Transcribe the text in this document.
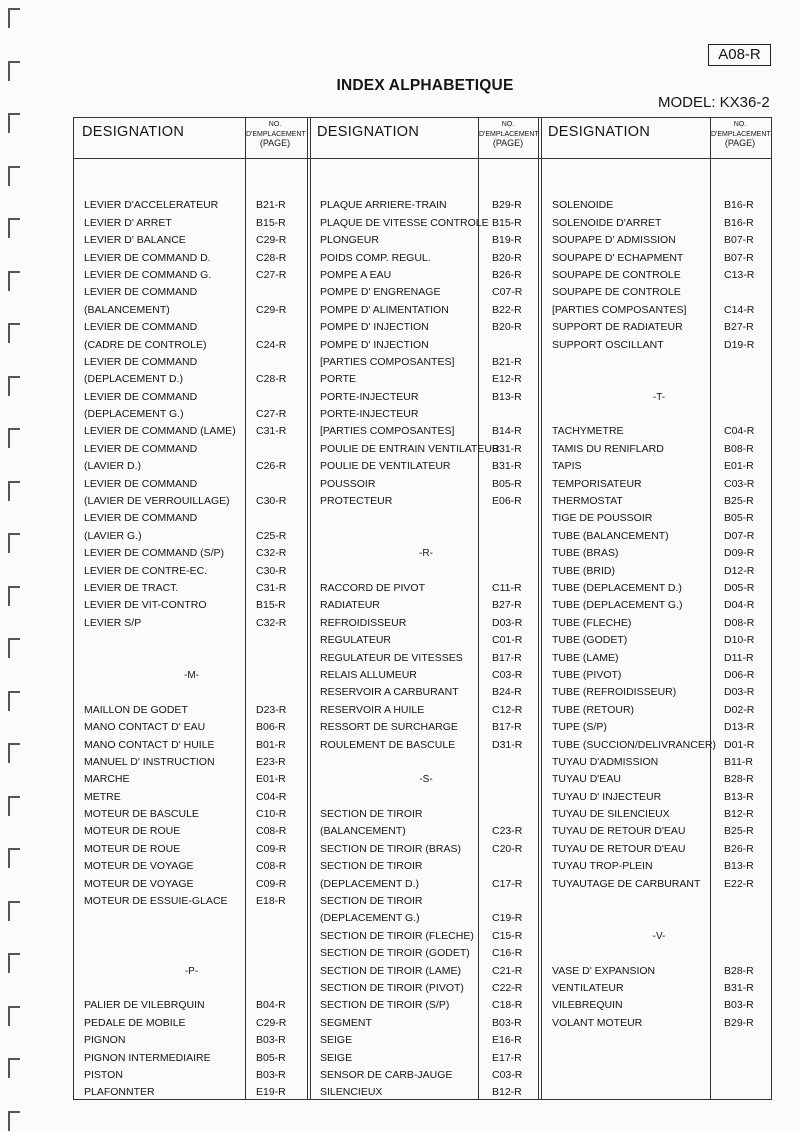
A08-R
INDEX ALPHABETIQUE
MODEL: KX36-2
DESIGNATION	NO.
D'EMPLACEMENT
(PAGE)
DESIGNATION	NO.
D'EMPLACEMENT
(PAGE)
DESIGNATION	NO.
D'EMPLACEMENT
(PAGE)
LEVIER D'ACCELERATEUR	B21-R
LEVIER D' ARRET	B15-R
LEVIER D' BALANCE	C29-R
LEVIER DE COMMAND D.	C28-R
LEVIER DE COMMAND G.	C27-R
LEVIER DE COMMAND
(BALANCEMENT)	C29-R
LEVIER DE COMMAND
(CADRE DE CONTROLE)	C24-R
LEVIER DE COMMAND
(DEPLACEMENT D.)	C28-R
LEVIER DE COMMAND
(DEPLACEMENT G.)	C27-R
LEVIER DE COMMAND (LAME) C31-R
LEVIER DE COMMAND
(LAVIER D.)	C26-R
LEVIER DE COMMAND
(LAVIER DE VERROUILLAGE)	C30-R
LEVIER DE COMMAND
(LAVIER G.)	C25-R
LEVIER DE COMMAND (S/P)	C32-R
LEVIER DE CONTRE-EC.	C30-R
LEVIER DE TRACT.	C31-R
LEVIER DE VIT-CONTRO	B15-R
LEVIER S/P	C32-R
-M-
MAILLON DE GODET	D23-R
MANO CONTACT D' EAU	B06-R
MANO CONTACT D' HUILE	B01-R
MANUEL D' INSTRUCTION	E23-R
MARCHE	E01-R
METRE	C04-R
MOTEUR DE BASCULE	C10-R
MOTEUR DE ROUE	C08-R
MOTEUR DE ROUE	C09-R
MOTEUR DE VOYAGE	C08-R
MOTEUR DE VOYAGE	C09-R
MOTEUR DE ESSUIE-GLACE	E18-R
-P-
PALIER DE VILEBRQUIN	B04-R
PEDALE DE MOBILE	C29-R
PIGNON	B03-R
PIGNON INTERMEDIAIRE	B05-R
PISTON	B03-R
PLAFONNTER	E19-R
PLAQUE ARRIERE-TRAIN	B29-R
PLAQUE DE VITESSE CONTROLE B15-R
PLONGEUR	B19-R
POIDS COMP. REGUL.	B20-R
POMPE A EAU	B26-R
POMPE D' ENGRENAGE	C07-R
POMPE D' ALIMENTATION	B22-R
POMPE D' INJECTION	B20-R
POMPE D' INJECTION
[PARTIES COMPOSANTES]	B21-R
PORTE	E12-R
PORTE-INJECTEUR	B13-R
PORTE-INJECTEUR
[PARTIES COMPOSANTES]	B14-R
POULIE DE ENTRAIN VENTILATEUR
B31-R
POULIE DE VENTILATEUR	B31-R
POUSSOIR	B05-R
PROTECTEUR	E06-R
-R-
RACCORD DE PIVOT	C11-R
RADIATEUR	B27-R
REFROIDISSEUR	D03-R
REGULATEUR	C01-R
REGULATEUR DE VITESSES	B17-R
RELAIS ALLUMEUR	C03-R
RESERVOIR A CARBURANT	B24-R
RESERVOIR A HUILE	C12-R
RESSORT DE SURCHARGE	B17-R
ROULEMENT DE BASCULE	D31-R
-S-
SECTION DE TIROIR
(BALANCEMENT)	C23-R
SECTION DE TIROIR (BRAS)	C20-R
SECTION DE TIROIR
(DEPLACEMENT D.)	C17-R
SECTION DE TIROIR
(DEPLACEMENT G.)	C19-R
SECTION DE TIROIR (FLECHE) C15-R
SECTION DE TIROIR (GODET) C16-R
SECTION DE TIROIR (LAME)	C21-R
SECTION DE TIROIR (PIVOT)	C22-R
SECTION DE TIROIR (S/P)	C18-R
SEGMENT	B03-R
SEIGE	E16-R
SEIGE	E17-R
SENSOR DE CARB-JAUGE	C03-R
SILENCIEUX	B12-R
SOLENOIDE	B16-R
SOLENOIDE D'ARRET	B16-R
SOUPAPE D' ADMISSION	B07-R
SOUPAPE D' ECHAPMENT	B07-R
SOUPAPE DE CONTROLE	C13-R
SOUPAPE DE CONTROLE
[PARTIES COMPOSANTES]	C14-R
SUPPORT DE RADIATEUR	B27-R
SUPPORT OSCILLANT	D19-R
-T-
TACHYMETRE	C04-R
TAMIS DU RENIFLARD	B08-R
TAPIS	E01-R
TEMPORISATEUR	C03-R
THERMOSTAT	B25-R
TIGE DE POUSSOIR	B05-R
TUBE (BALANCEMENT)	D07-R
TUBE (BRAS)	D09-R
TUBE (BRID)	D12-R
TUBE (DEPLACEMENT D.)	D05-R
TUBE (DEPLACEMENT G.)	D04-R
TUBE (FLECHE)	D08-R
TUBE (GODET)	D10-R
TUBE (LAME)	D11-R
TUBE (PIVOT)	D06-R
TUBE (REFROIDISSEUR)	D03-R
TUBE (RETOUR)	D02-R
TUPE (S/P)	D13-R
TUBE (SUCCION/DELIVRANCER) D01-R
TUYAU D'ADMISSION	B11-R
TUYAU D'EAU	B28-R
TUYAU D' INJECTEUR	B13-R
TUYAU DE SILENCIEUX	B12-R
TUYAU DE RETOUR D'EAU	B25-R
TUYAU DE RETOUR D'EAU	B26-R
TUYAU TROP-PLEIN	B13-R
TUYAUTAGE DE CARBURANT E22-R
-V-
VASE D' EXPANSION	B28-R
VENTILATEUR	B31-R
VILEBREQUIN	B03-R
VOLANT MOTEUR	B29-R
